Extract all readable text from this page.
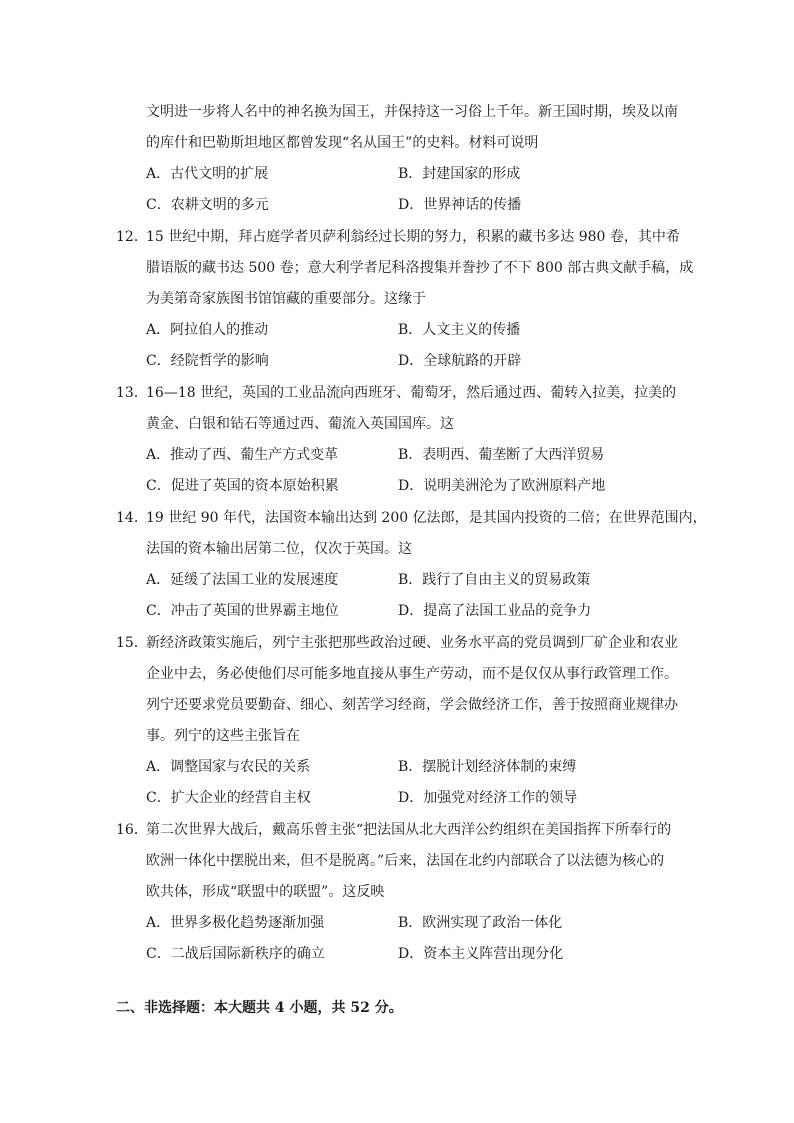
文明进一步将人名中的神名换为国王，并保持这一习俗上千年。新王国时期，埃及以南
的库什和巴勒斯坦地区都曾发现“名从国王”的史料。材料可说明
A．古代文明的扩展	B．封建国家的形成
C．农耕文明的多元	D．世界神话的传播
12．
15 世纪中期，拜占庭学者贝萨利翁经过长期的努力，积累的藏书多达 980 卷，其中希
腊语版的藏书达 500 卷；意大利学者尼科洛搜集并誊抄了不下 800 部古典文献手稿，成
为美第奇家族图书馆馆藏的重要部分。这缘于
A．阿拉伯人的推动	B．人文主义的传播
C．经院哲学的影响	D．全球航路的开辟
13．
16—18 世纪，英国的工业品流向西班牙、葡萄牙，然后通过西、葡转入拉美，拉美的
黄金、白银和钻石等通过西、葡流入英国国库。这
A．推动了西、葡生产方式变革	B．表明西、葡垄断了大西洋贸易
C．促进了英国的资本原始积累	D．说明美洲沦为了欧洲原料产地
14．
19 世纪 90 年代，法国资本输出达到 200 亿法郎，是其国内投资的二倍；在世界范围内，
法国的资本输出居第二位，仅次于英国。这
A．延缓了法国工业的发展速度	B．践行了自由主义的贸易政策
C．冲击了英国的世界霸主地位	D．提高了法国工业品的竞争力
15．
新经济政策实施后，列宁主张把那些政治过硬、业务水平高的党员调到厂矿企业和农业
企业中去，务必使他们尽可能多地直接从事生产劳动，而不是仅仅从事行政管理工作。
列宁还要求党员要勤奋、细心、刻苦学习经商，学会做经济工作，善于按照商业规律办
事。列宁的这些主张旨在
A．调整国家与农民的关系	B．摆脱计划经济体制的束缚
C．扩大企业的经营自主权	D．加强党对经济工作的领导
16．
第二次世界大战后，戴高乐曾主张“把法国从北大西洋公约组织在美国指挥下所奉行的
欧洲一体化中摆脱出来，但不是脱离。”后来，法国在北约内部联合了以法德为核心的
欧共体，形成“联盟中的联盟”。这反映
A．世界多极化趋势逐渐加强	B．欧洲实现了政治一体化
C．二战后国际新秩序的确立	D．资本主义阵营出现分化
二、非选择题：本大题共 4 小题，共 52 分。
